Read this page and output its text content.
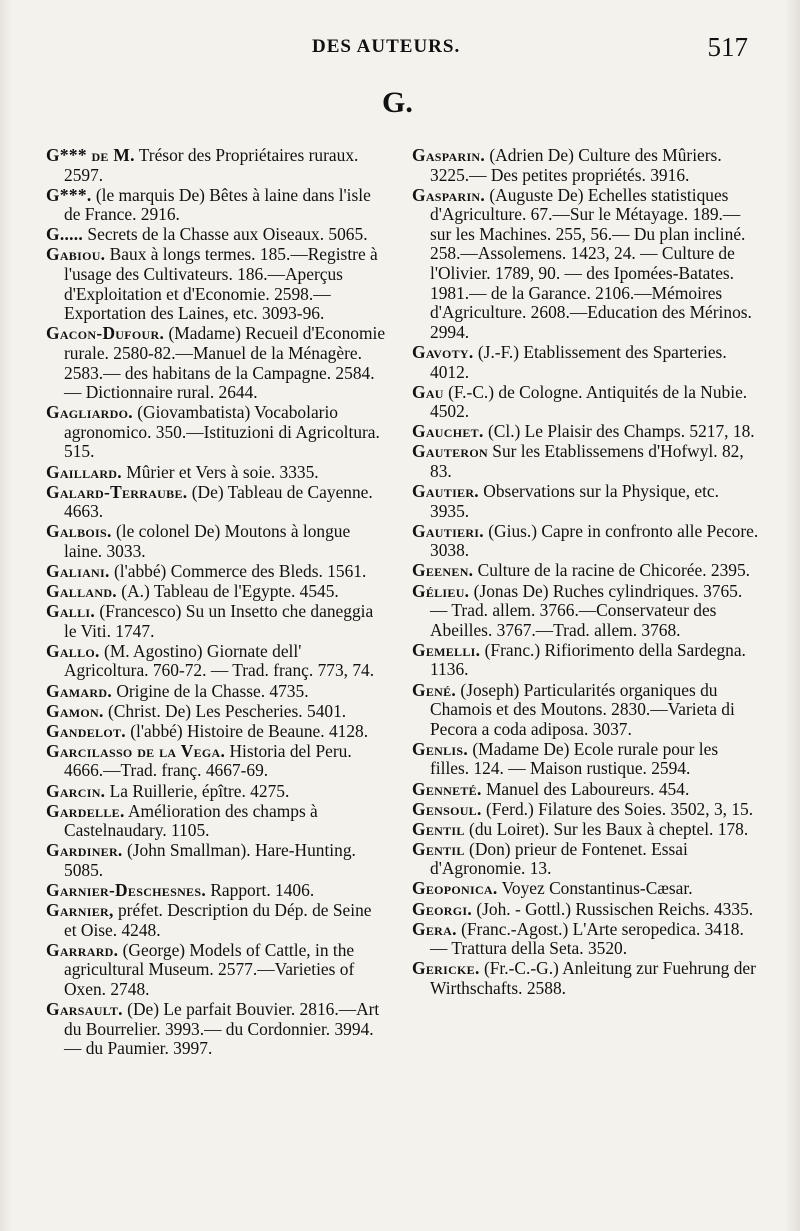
DES AUTEURS.	517
G.

G*** de M. Trésor des Propriétaires ruraux. 2597.

G***. (le marquis De) Bêtes à laine dans l'isle de France. 2916.

G..... Secrets de la Chasse aux Oiseaux. 5065.

Gabiou. Baux à longs termes. 185.—Registre à l'usage des Cultivateurs. 186.—Aperçus d'Exploitation et d'Economie. 2598.—Exportation des Laines, etc. 3093-96.

Gacon-Dufour. (Madame) Recueil d'Economie rurale. 2580-82.—Manuel de la Ménagère. 2583.— des habitans de la Campagne. 2584. — Dictionnaire rural. 2644.

Gagliardo. (Giovambatista) Vocabolario agronomico. 350.—Istituzioni di Agricoltura. 515.

Gaillard. Mûrier et Vers à soie. 3335.

Galard-Terraube. (De) Tableau de Cayenne. 4663.

Galbois. (le colonel De) Moutons à longue laine. 3033.

Galiani. (l'abbé) Commerce des Bleds. 1561.

Galland. (A.) Tableau de l'Egypte. 4545.

Galli. (Francesco) Su un Insetto che daneggia le Viti. 1747.

Gallo. (M. Agostino) Giornate dell' Agricoltura. 760-72. — Trad. franç. 773, 74.

Gamard. Origine de la Chasse. 4735.

Gamon. (Christ. De) Les Pescheries. 5401.

Gandelot. (l'abbé) Histoire de Beaune. 4128.

Garcilasso de la Vega. Historia del Peru. 4666.—Trad. franç. 4667-69.

Garcin. La Ruillerie, épître. 4275.

Gardelle. Amélioration des champs à Castelnaudary. 1105.

Gardiner. (John Smallman). Hare-Hunting. 5085.

Garnier-Deschesnes. Rapport. 1406.

Garnier, préfet. Description du Dép. de Seine et Oise. 4248.

Garrard. (George) Models of Cattle, in the agricultural Museum. 2577.—Varieties of Oxen. 2748.

Garsault. (De) Le parfait Bouvier. 2816.—Art du Bourrelier. 3993.— du Cordonnier. 3994. — du Paumier. 3997.

Gasparin. (Adrien De) Culture des Mûriers. 3225.— Des petites propriétés. 3916.

Gasparin. (Auguste De) Echelles statistiques d'Agriculture. 67.—Sur le Métayage. 189.— sur les Machines. 255, 56.— Du plan incliné. 258.—Assolemens. 1423, 24. — Culture de l'Olivier. 1789, 90. — des Ipomées-Batates. 1981.— de la Garance. 2106.—Mémoires d'Agriculture. 2608.—Education des Mérinos. 2994.

Gavoty. (J.-F.) Etablissement des Sparteries. 4012.

Gau (F.-C.) de Cologne. Antiquités de la Nubie. 4502.

Gauchet. (Cl.) Le Plaisir des Champs. 5217, 18.

Gauteron Sur les Etablissemens d'Hofwyl. 82, 83.

Gautier. Observations sur la Physique, etc. 3935.

Gautieri. (Gius.) Capre in confronto alle Pecore. 3038.

Geenen. Culture de la racine de Chicorée. 2395.

Gélieu. (Jonas De) Ruches cylindriques. 3765. — Trad. allem. 3766.—Conservateur des Abeilles. 3767.—Trad. allem. 3768.

Gemelli. (Franc.) Rifiorimento della Sardegna. 1136.

Gené. (Joseph) Particularités organiques du Chamois et des Moutons. 2830.—Varieta di Pecora a coda adiposa. 3037.

Genlis. (Madame De) Ecole rurale pour les filles. 124. — Maison rustique. 2594.

Genneté. Manuel des Laboureurs. 454.

Gensoul. (Ferd.) Filature des Soies. 3502, 3, 15.

Gentil (du Loiret). Sur les Baux à cheptel. 178.

Gentil (Don) prieur de Fontenet. Essai d'Agronomie. 13.

Geoponica. Voyez Constantinus-Cæsar.

Georgi. (Joh. - Gottl.) Russischen Reichs. 4335.

Gera. (Franc.-Agost.) L'Arte seropedica. 3418. — Trattura della Seta. 3520.

Gericke. (Fr.-C.-G.) Anleitung zur Fuehrung der Wirthschafts. 2588.
